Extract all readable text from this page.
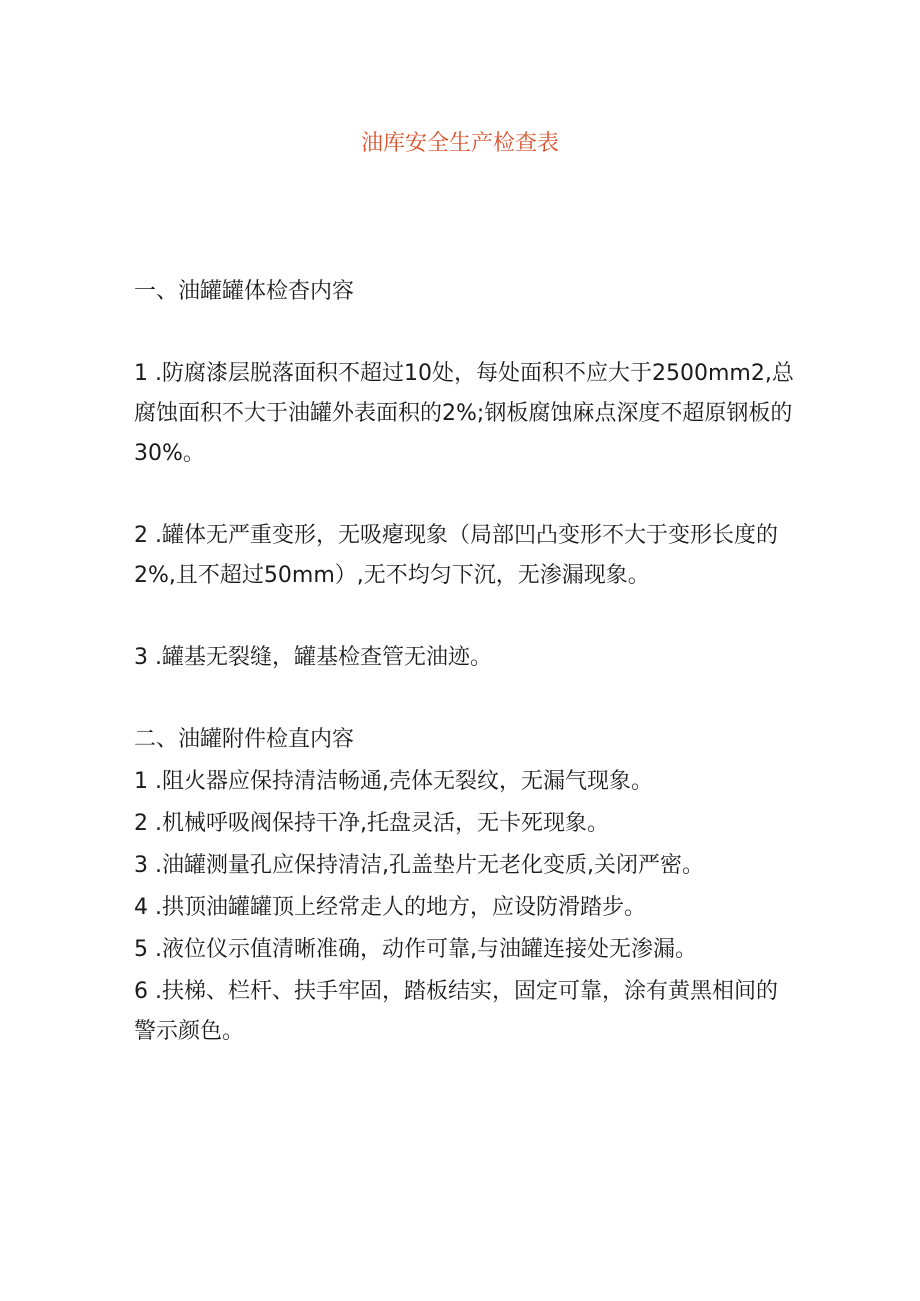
油库安全生产检查表

一、油罐罐体检杳内容

1 .防腐漆层脱落面积不超过10处，每处面积不应大于2500mm2,总腐蚀面积不大于油罐外表面积的2%;钢板腐蚀麻点深度不超原钢板的30%。

2 .罐体无严重变形，无吸瘪现象（局部凹凸变形不大于变形长度的2%,且不超过50mm）,无不均匀下沉，无渗漏现象。

3 .罐基无裂缝，罐基检查管无油迹。

二、油罐附件检直内容

1 .阻火器应保持清洁畅通,壳体无裂纹，无漏气现象。

2 .机械呼吸阀保持干净,托盘灵活，无卡死现象。

3 .油罐测量孔应保持清洁,孔盖垫片无老化变质,关闭严密。

4 .拱顶油罐罐顶上经常走人的地方，应设防滑踏步。

5 .液位仪示值清晰准确，动作可靠,与油罐连接处无渗漏。

6 .扶梯、栏杆、扶手牢固，踏板结实，固定可靠，涂有黄黑相间的警示颜色。
